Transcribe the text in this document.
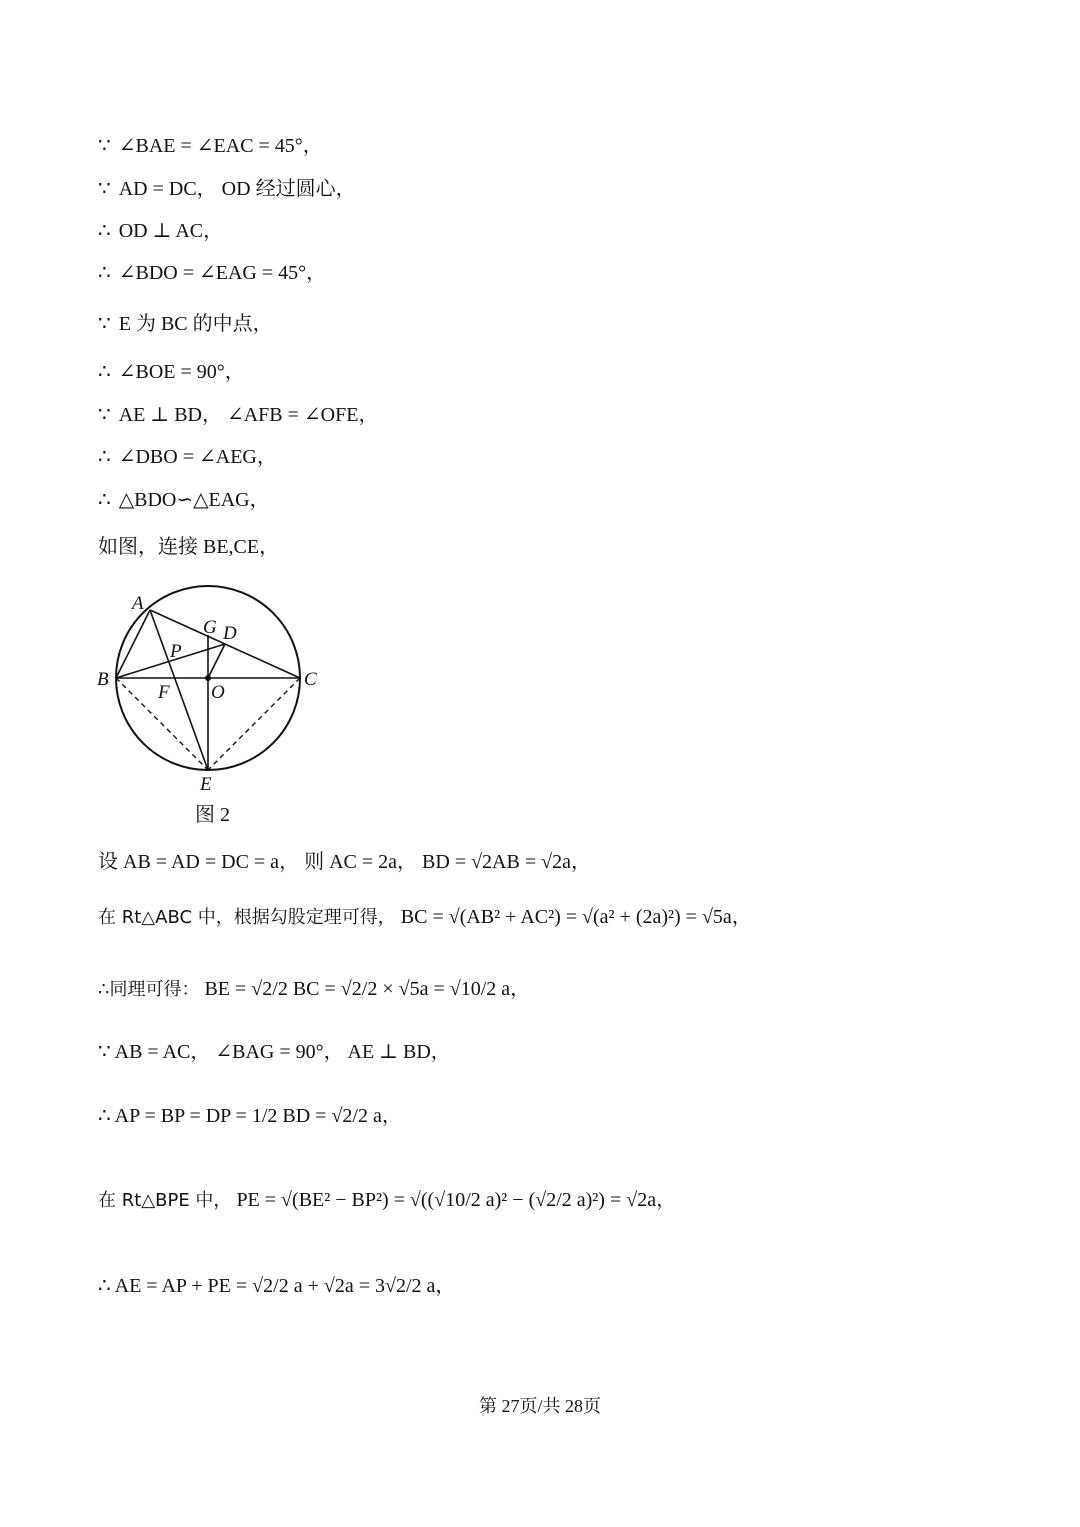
∵ ∠BAE = ∠EAC = 45°，
∵ AD = DC， OD 经过圆心，
∴ OD ⊥ AC，
∴ ∠BDO = ∠EAG = 45°，
∵ E 为 BC 的中点，
∴ ∠BOE = 90°，
∵ AE ⊥ BD， ∠AFB = ∠OFE，
∴ ∠DBO = ∠AEG，
∴ △BDO∽△EAG，
如图，连接 BE,CE，
A
B	C
D
E
F
G
O
P
图 2
设 AB = AD = DC = a， 则 AC = 2a， BD = √2AB = √2a，
在 Rt△ABC 中，根据勾股定理可得， BC = √(AB² + AC²) = √(a² + (2a)²) = √5a，
∴同理可得： BE = √2/2 BC = √2/2 × √5a = √10/2 a，
∵ AB = AC， ∠BAG = 90°， AE ⊥ BD，
∴ AP = BP = DP = 1/2 BD = √2/2 a，
在 Rt△BPE 中， PE = √(BE² − BP²) = √((√10/2 a)² − (√2/2 a)²) = √2a，
∴ AE = AP + PE = √2/2 a + √2a = 3√2/2 a，
第 27页/共 28页
